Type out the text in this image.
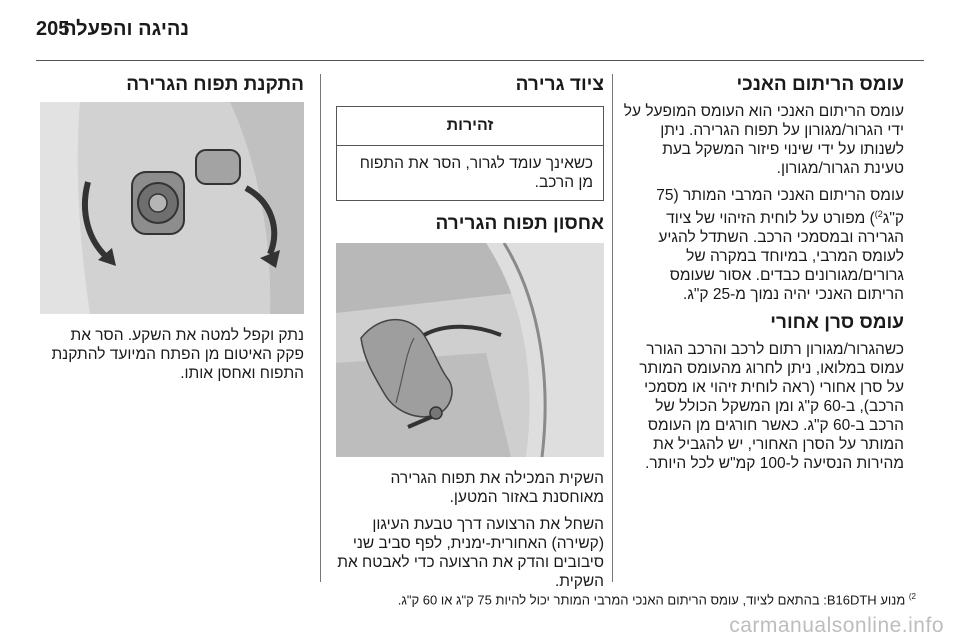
נהיגה והפעלה
205
עומס הריתום האנכי

עומס הריתום האנכי הוא העומס המופעל על ידי הגרור/מגורון על תפוח הגרירה. ניתן לשנותו על ידי שינוי פיזור המשקל בעת טעינת הגרור/מגורון.

עומס הריתום האנכי המרבי המותר (75 ק"ג$^{2)}$) מפורט על לוחית הזיהוי של ציוד הגרירה ובמסמכי הרכב. השתדל להגיע לעומס המרבי, במיוחד במקרה של גרורים/מגורונים כבדים. אסור שעומס הריתום האנכי יהיה נמוך מ-25 ק"ג.

עומס סרן אחורי

כשהגרור/מגורון רתום לרכב והרכב הגורר עמוס במלואו, ניתן לחרוג מהעומס המותר על סרן אחורי (ראה לוחית זיהוי או מסמכי הרכב), ב-60 ק"ג ומן המשקל הכולל של הרכב ב-60 ק"ג. כאשר חורגים מן העומס המותר על הסרן האחורי, יש להגביל את מהירות הנסיעה ל-100 קמ"ש לכל היותר.

ציוד גרירה
זהירות
כשאינך עומד לגרור, הסר את התפוח מן הרכב.
אחסון תפוח הגרירה

השקית המכילה את תפוח הגרירה מאוחסנת באזור המטען.

השחל את הרצועה דרך טבעת העיגון (קשירה) האחורית-ימנית, לפף סביב שני סיבובים והדק את הרצועה כדי לאבטח את השקית.

התקנת תפוח הגרירה

נתק וקפל למטה את השקע. הסר את פקק האיטום מן הפתח המיועד להתקנת התפוח ואחסן אותו.

$^{2)}$ מנוע B16DTH: בהתאם לציוד, עומס הריתום האנכי המרבי המותר יכול להיות 75 ק"ג או 60 ק"ג.
carmanualsonline.info
